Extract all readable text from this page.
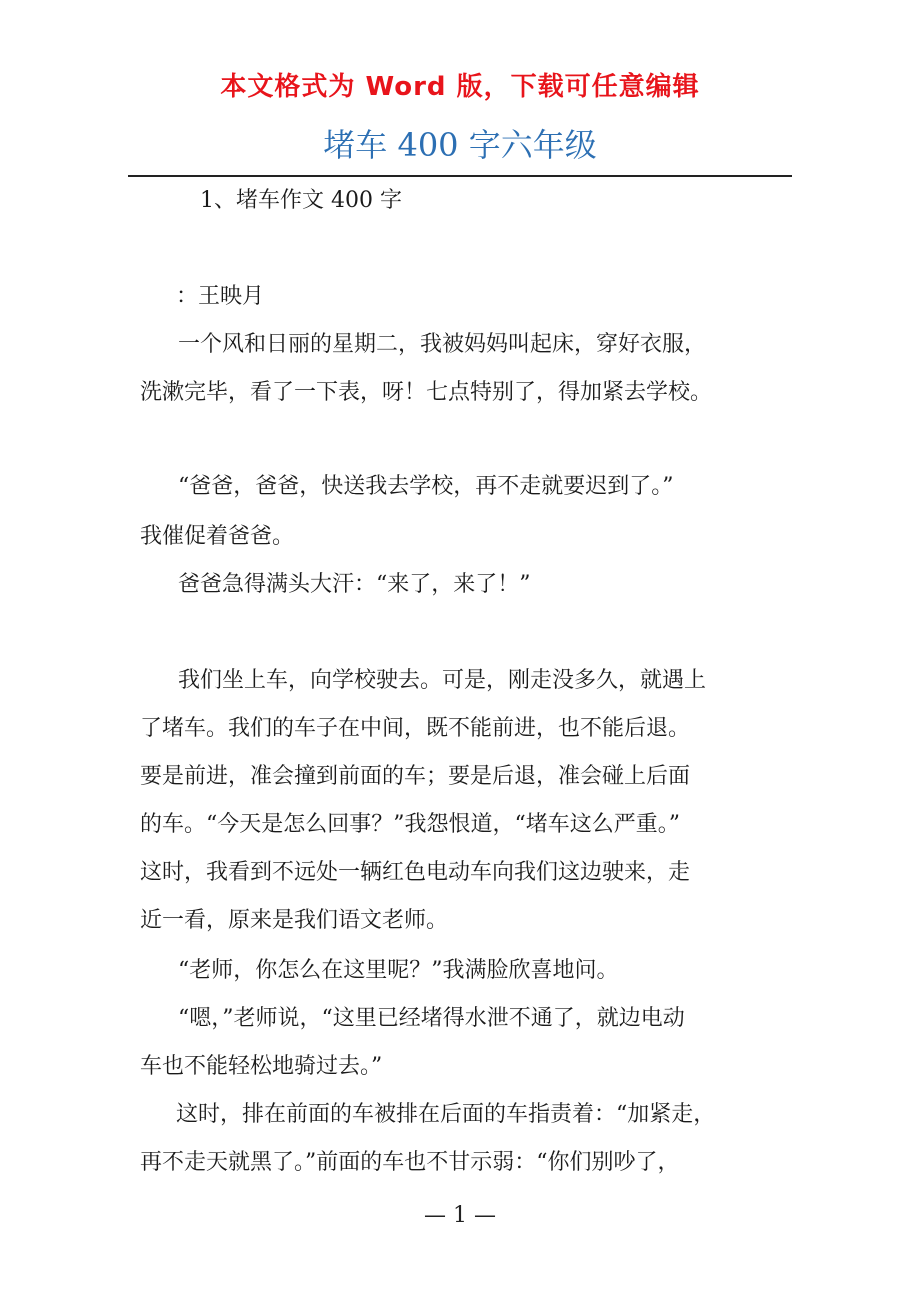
本文格式为 Word 版，下载可任意编辑
堵车 400 字六年级
1、堵车作文 400 字
：王映月
一个风和日丽的星期二，我被妈妈叫起床，穿好衣服，
洗漱完毕，看了一下表，呀！七点特别了，得加紧去学校。
“爸爸，爸爸，快送我去学校，再不走就要迟到了。”
我催促着爸爸。
爸爸急得满头大汗：“来了，来了！”
我们坐上车，向学校驶去。可是，刚走没多久，就遇上
了堵车。我们的车子在中间，既不能前进，也不能后退。
要是前进，准会撞到前面的车；要是后退，准会碰上后面
的车。“今天是怎么回事？”我怨恨道，“堵车这么严重。”
这时，我看到不远处一辆红色电动车向我们这边驶来，走
近一看，原来是我们语文老师。
“老师，你怎么在这里呢？”我满脸欣喜地问。
“嗯，”老师说，“这里已经堵得水泄不通了，就边电动
车也不能轻松地骑过去。”
这时，排在前面的车被排在后面的车指责着：“加紧走，
再不走天就黑了。”前面的车也不甘示弱：“你们别吵了，
— 1 —
